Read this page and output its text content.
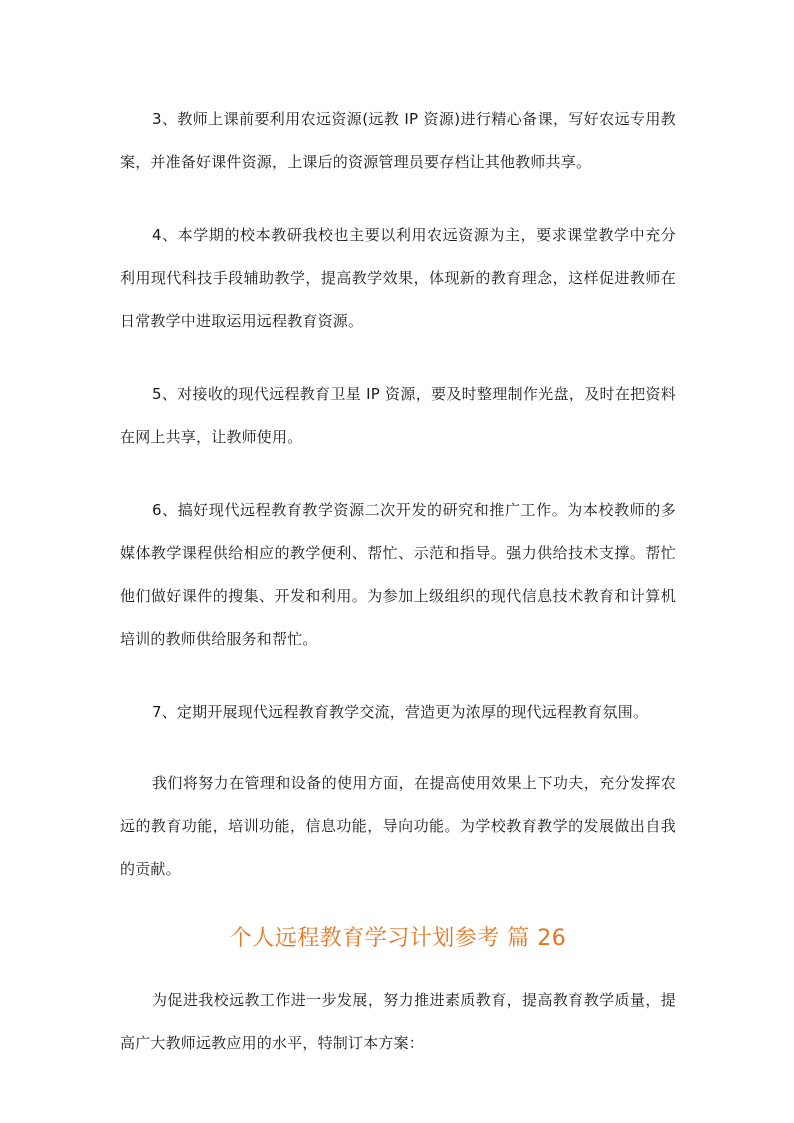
3、教师上课前要利用农远资源(远教 IP 资源)进行精心备课，写好农远专用教案，并准备好课件资源，上课后的资源管理员要存档让其他教师共享。

4、本学期的校本教研我校也主要以利用农远资源为主，要求课堂教学中充分利用现代科技手段辅助教学，提高教学效果，体现新的教育理念，这样促进教师在日常教学中进取运用远程教育资源。

5、对接收的现代远程教育卫星 IP 资源，要及时整理制作光盘，及时在把资料在网上共享，让教师使用。

6、搞好现代远程教育教学资源二次开发的研究和推广工作。为本校教师的多媒体教学课程供给相应的教学便利、帮忙、示范和指导。强力供给技术支撑。帮忙他们做好课件的搜集、开发和利用。为参加上级组织的现代信息技术教育和计算机培训的教师供给服务和帮忙。

7、定期开展现代远程教育教学交流，营造更为浓厚的现代远程教育氛围。

我们将努力在管理和设备的使用方面，在提高使用效果上下功夫，充分发挥农远的教育功能，培训功能，信息功能，导向功能。为学校教育教学的发展做出自我的贡献。

个人远程教育学习计划参考 篇 26

为促进我校远教工作进一步发展，努力推进素质教育，提高教育教学质量，提高广大教师远教应用的水平，特制订本方案：
